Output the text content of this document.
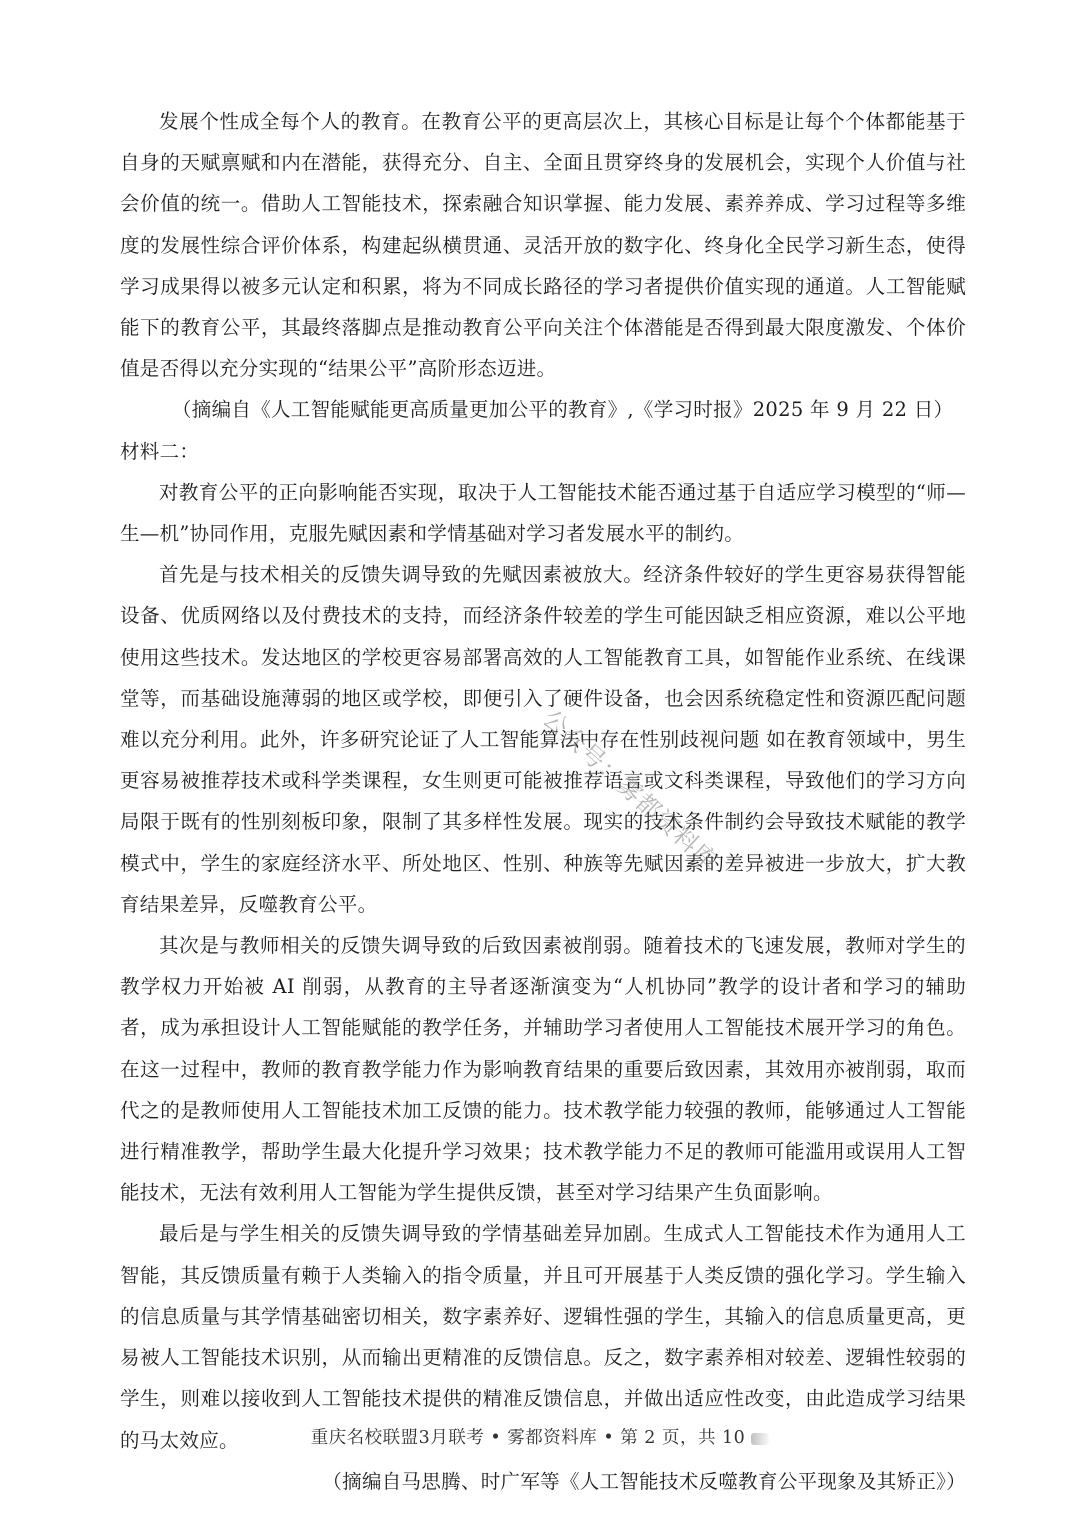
发展个性成全每个人的教育。在教育公平的更高层次上，其核心目标是让每个个体都能基于自身的天赋禀赋和内在潜能，获得充分、自主、全面且贯穿终身的发展机会，实现个人价值与社会价值的统一。借助人工智能技术，探索融合知识掌握、能力发展、素养养成、学习过程等多维度的发展性综合评价体系，构建起纵横贯通、灵活开放的数字化、终身化全民学习新生态，使得学习成果得以被多元认定和积累，将为不同成长路径的学习者提供价值实现的通道。人工智能赋能下的教育公平，其最终落脚点是推动教育公平向关注个体潜能是否得到最大限度激发、个体价值是否得以充分实现的“结果公平”高阶形态迈进。

（摘编自《人工智能赋能更高质量更加公平的教育》,《学习时报》2025 年 9 月 22 日）

材料二：

对教育公平的正向影响能否实现，取决于人工智能技术能否通过基于自适应学习模型的“师—生—机”协同作用，克服先赋因素和学情基础对学习者发展水平的制约。

首先是与技术相关的反馈失调导致的先赋因素被放大。经济条件较好的学生更容易获得智能设备、优质网络以及付费技术的支持，而经济条件较差的学生可能因缺乏相应资源，难以公平地使用这些技术。发达地区的学校更容易部署高效的人工智能教育工具，如智能作业系统、在线课堂等，而基础设施薄弱的地区或学校，即便引入了硬件设备，也会因系统稳定性和资源匹配问题难以充分利用。此外，许多研究论证了人工智能算法中存在性别歧视问题 如在教育领域中，男生更容易被推荐技术或科学类课程，女生则更可能被推荐语言或文科类课程，导致他们的学习方向局限于既有的性别刻板印象，限制了其多样性发展。现实的技术条件制约会导致技术赋能的教学模式中，学生的家庭经济水平、所处地区、性别、种族等先赋因素的差异被进一步放大，扩大教育结果差异，反噬教育公平。

其次是与教师相关的反馈失调导致的后致因素被削弱。随着技术的飞速发展，教师对学生的教学权力开始被 AI 削弱，从教育的主导者逐渐演变为“人机协同”教学的设计者和学习的辅助者，成为承担设计人工智能赋能的教学任务，并辅助学习者使用人工智能技术展开学习的角色。在这一过程中，教师的教育教学能力作为影响教育结果的重要后致因素，其效用亦被削弱，取而代之的是教师使用人工智能技术加工反馈的能力。技术教学能力较强的教师，能够通过人工智能进行精准教学，帮助学生最大化提升学习效果；技术教学能力不足的教师可能滥用或误用人工智能技术，无法有效利用人工智能为学生提供反馈，甚至对学习结果产生负面影响。

最后是与学生相关的反馈失调导致的学情基础差异加剧。生成式人工智能技术作为通用人工智能，其反馈质量有赖于人类输入的指令质量，并且可开展基于人类反馈的强化学习。学生输入的信息质量与其学情基础密切相关，数字素养好、逻辑性强的学生，其输入的信息质量更高，更易被人工智能技术识别，从而输出更精准的反馈信息。反之，数字素养相对较差、逻辑性较弱的学生，则难以接收到人工智能技术提供的精准反馈信息，并做出适应性改变，由此造成学习结果的马太效应。

（摘编自马思腾、时广军等《人工智能技术反噬教育公平现象及其矫正》）

公众号：雾都资料库
重庆名校联盟3月联考 • 雾都资料库 • 第 2 页，共 10
